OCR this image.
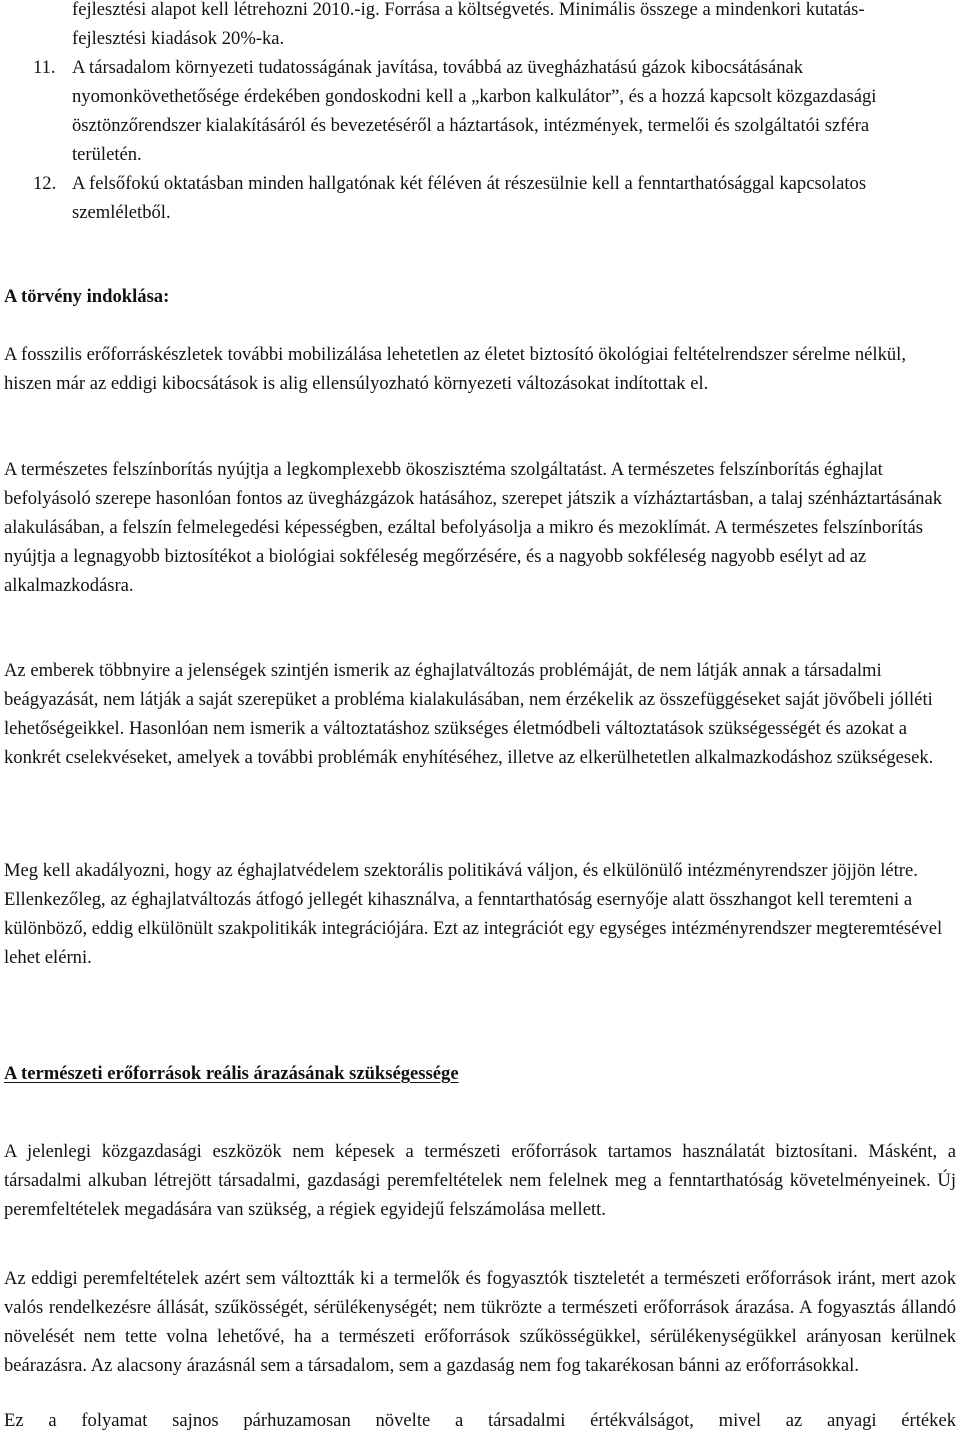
fejlesztési alapot kell létrehozni 2010.-ig. Forrása a költségvetés. Minimális összege a mindenkori kutatás-fejlesztési kiadások 20%-ka.
11. A társadalom környezeti tudatosságának javítása, továbbá az üvegházhatású gázok kibocsátásának nyomonkövethetősége érdekében gondoskodni kell a „karbon kalkulátor”, és a hozzá kapcsolt közgazdasági ösztönzőrendszer kialakításáról és bevezetéséről a háztartások, intézmények, termelői és szolgáltatói szféra területén.
12. A felsőfokú oktatásban minden hallgatónak két féléven át részesülnie kell a fenntarthatósággal kapcsolatos szemléletből.

A törvény indoklása:

A fosszilis erőforráskészletek további mobilizálása lehetetlen az életet biztosító ökológiai feltételrendszer sérelme nélkül, hiszen már az eddigi kibocsátások is alig ellensúlyozható környezeti változásokat indítottak el.

A természetes felszínborítás nyújtja a legkomplexebb ökoszisztéma szolgáltatást. A természetes felszínborítás éghajlat befolyásoló szerepe hasonlóan fontos az üvegházgázok hatásához, szerepet játszik a vízháztartásban, a talaj szénháztartásának alakulásában, a felszín felmelegedési képességben, ezáltal befolyásolja a mikro és mezoklímát. A természetes felszínborítás nyújtja a legnagyobb biztosítékot a biológiai sokféleség megőrzésére, és a nagyobb sokféleség nagyobb esélyt ad az alkalmazkodásra.

Az emberek többnyire a jelenségek szintjén ismerik az éghajlatváltozás problémáját, de nem látják annak a társadalmi beágyazását, nem látják a saját szerepüket a probléma kialakulásában, nem érzékelik az összefüggéseket saját jövőbeli jólléti lehetőségeikkel. Hasonlóan nem ismerik a változtatáshoz szükséges életmódbeli változtatások szükségességét és azokat a konkrét cselekvéseket, amelyek a további problémák enyhítéséhez, illetve az elkerülhetetlen alkalmazkodáshoz szükségesek.

Meg kell akadályozni, hogy az éghajlatvédelem szektorális politikává váljon, és elkülönülő intézményrendszer jöjjön létre. Ellenkezőleg, az éghajlatváltozás átfogó jellegét kihasználva, a fenntarthatóság esernyője alatt összhangot kell teremteni a különböző, eddig elkülönült szakpolitikák integrációjára. Ezt az integrációt egy egységes intézményrendszer megteremtésével lehet elérni.

A természeti erőforrások reális árazásának szükségessége

A jelenlegi közgazdasági eszközök nem képesek a természeti erőforrások tartamos használatát biztosítani. Másként, a társadalmi alkuban létrejött társadalmi, gazdasági peremfeltételek nem felelnek meg a fenntarthatóság követelményeinek. Új peremfeltételek megadására van szükség, a régiek egyidejű felszámolása mellett.

Az eddigi peremfeltételek azért sem változtták ki a termelők és fogyasztók tiszteletét a természeti erőforrások iránt, mert azok valós rendelkezésre állását, szűkösségét, sérülékenységét; nem tükrözte a természeti erőforrások árazása. A fogyasztás állandó növelését nem tette volna lehetővé, ha a természeti erőforrások szűkösségükkel, sérülékenységükkel arányosan kerülnek beárazásra. Az alacsony árazásnál sem a társadalom, sem a gazdaság nem fog takarékosan bánni az erőforrásokkal.

Ez a folyamat sajnos párhuzamosan növelte a társadalmi értékválságot, mivel az anyagi értékek
